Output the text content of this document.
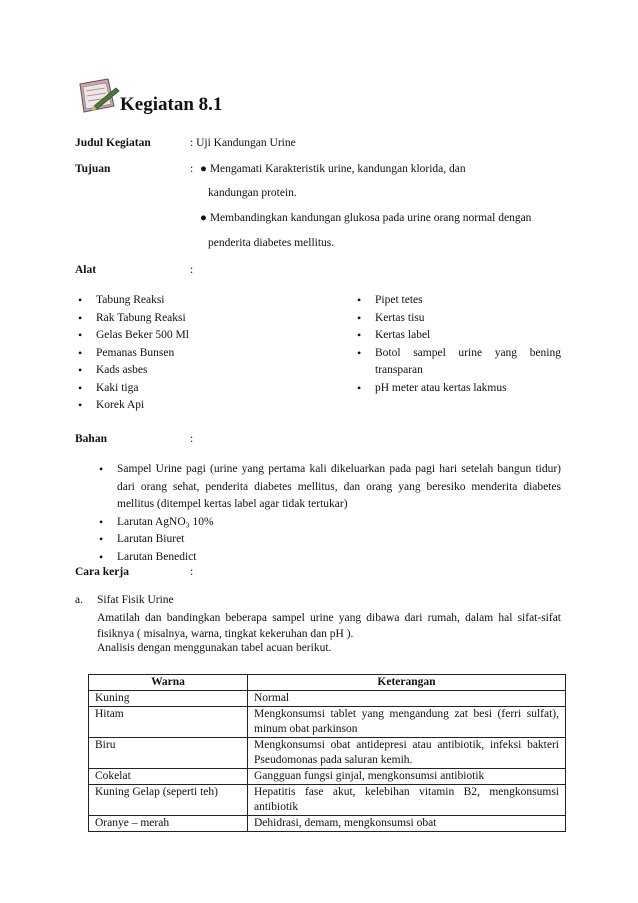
Kegiatan 8.1
Judul Kegiatan	: Uji Kandungan Urine
Tujuan	: ● Mengamati Karakteristik urine, kandungan klorida, dan
kandungan protein.
● Membandingkan kandungan glukosa pada urine orang normal dengan
penderita diabetes mellitus.
Alat	:
• Tabung Reaksi
• Rak Tabung Reaksi
• Gelas Beker 500 Ml
• Pemanas Bunsen
• Kads asbes
• Kaki tiga
• Korek Api
• Pipet tetes
• Kertas tisu
• Kertas label
• Botol sampel urine yang bening transparan
• pH meter atau kertas lakmus
Bahan	:
• Sampel Urine pagi (urine yang pertama kali dikeluarkan pada pagi hari setelah bangun tidur) dari orang sehat, penderita diabetes mellitus, dan orang yang beresiko menderita diabetes mellitus (ditempel kertas label agar tidak tertukar)
• Larutan AgNO₃ 10%
• Larutan Biuret
• Larutan Benedict
Cara kerja	:
a. Sifat Fisik Urine
Amatilah dan bandingkan beberapa sampel urine yang dibawa dari rumah, dalam hal sifat-sifat fisiknya ( misalnya, warna, tingkat kekeruhan dan pH ).
Analisis dengan menggunakan tabel acuan berikut.
Warna	Keterangan
Kuning	Normal
Hitam	Mengkonsumsi tablet yang mengandung zat besi (ferri sulfat), minum obat parkinson
Biru	Mengkonsumsi obat antidepresi atau antibiotik, infeksi bakteri Pseudomonas pada saluran kemih.
Cokelat	Gangguan fungsi ginjal, mengkonsumsi antibiotik
Kuning Gelap (seperti teh)	Hepatitis fase akut, kelebihan vitamin B2, mengkonsumsi antibiotik
Oranye – merah	Dehidrasi, demam, mengkonsumsi obat
